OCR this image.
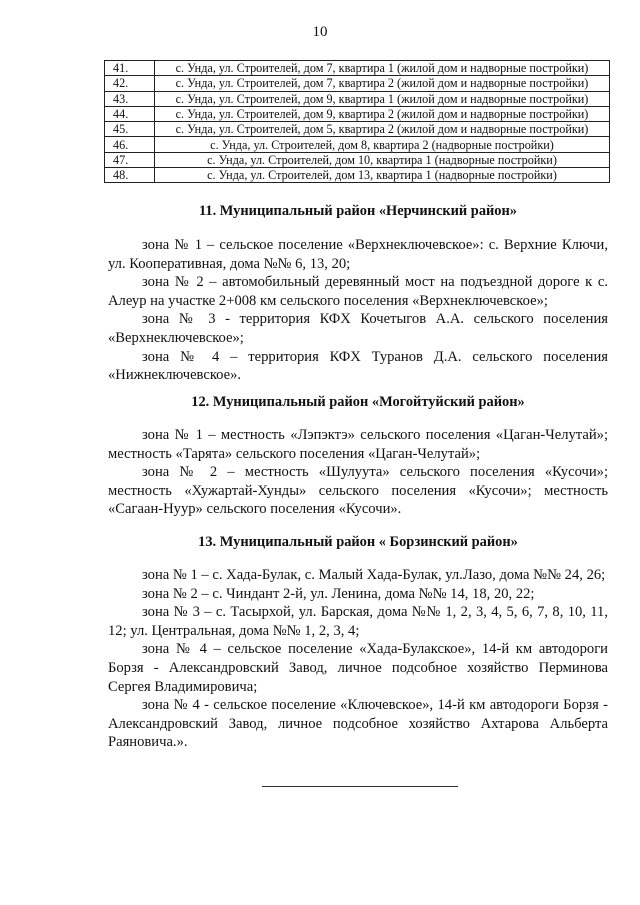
10
41.	с. Унда, ул. Строителей, дом 7, квартира 1 (жилой дом и надворные постройки)
42.	с. Унда, ул. Строителей, дом 7, квартира 2 (жилой дом и надворные постройки)
43.	с. Унда, ул. Строителей, дом 9, квартира 1 (жилой дом и надворные постройки)
44.	с. Унда, ул. Строителей, дом 9, квартира 2 (жилой дом и надворные постройки)
45.	с. Унда, ул. Строителей, дом 5, квартира 2 (жилой дом и надворные постройки)
46.	с. Унда, ул. Строителей, дом 8, квартира 2 (надворные постройки)
47.	с. Унда, ул. Строителей, дом 10, квартира 1 (надворные постройки)
48.	с. Унда, ул. Строителей, дом 13, квартира 1 (надворные постройки)
11. Муниципальный район «Нерчинский район»

зона № 1 – сельское поселение «Верхнеключевское»: с. Верхние Ключи, ул. Кооперативная, дома №№ 6, 13, 20;

зона № 2 – автомобильный деревянный мост на подъездной дороге к с. Алеур на участке 2+008 км сельского поселения «Верхнеключевское»;

зона № 3 - территория КФХ Кочетыгов А.А. сельского поселения «Верхнеключевское»;

зона № 4 – территория КФХ Туранов Д.А. сельского поселения «Нижнеключевское».

12. Муниципальный район «Могойтуйский район»

зона № 1 – местность «Лэпэктэ» сельского поселения «Цаган-Челутай»; местность «Тарята» сельского поселения «Цаган-Челутай»;

зона № 2 – местность «Шулуута» сельского поселения «Кусочи»; местность «Хужартай-Хунды» сельского поселения «Кусочи»; местность «Сагаан-Нуур» сельского поселения «Кусочи».

13. Муниципальный район « Борзинский район»

зона № 1 – с. Хада-Булак, с. Малый Хада-Булак, ул.Лазо, дома №№ 24, 26;

зона № 2 – с. Чиндант 2-й, ул. Ленина, дома №№ 14, 18, 20, 22;

зона № 3 – с. Тасырхой, ул. Барская, дома №№ 1, 2, 3, 4, 5, 6, 7, 8, 10, 11, 12; ул. Центральная, дома №№ 1, 2, 3, 4;

зона № 4 – сельское поселение «Хада-Булакское», 14-й км автодороги Борзя - Александровский Завод, личное подсобное хозяйство Перминова Сергея Владимировича;

зона № 4 - сельское поселение «Ключевское», 14-й км автодороги Борзя - Александровский Завод, личное подсобное хозяйство Ахтарова Альберта Раяновича.».
